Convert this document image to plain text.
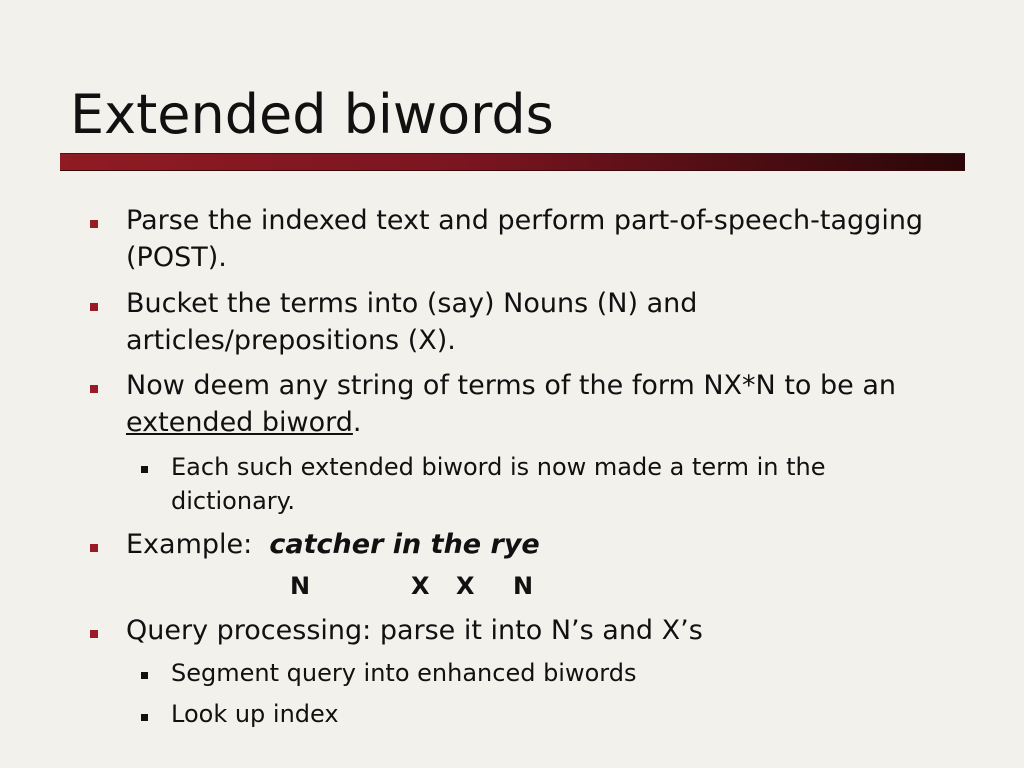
Extended biwords
Parse the indexed text and perform part-of-speech-tagging (POST).
Bucket the terms into (say) Nouns (N) and articles/prepositions (X).
Now deem any string of terms of the form NX*N to be an extended biword.
Each such extended biword is now made a term in the dictionary.
Example: catcher in the rye
N	X X N
Query processing: parse it into N’s and X’s
Segment query into enhanced biwords
Look up index
